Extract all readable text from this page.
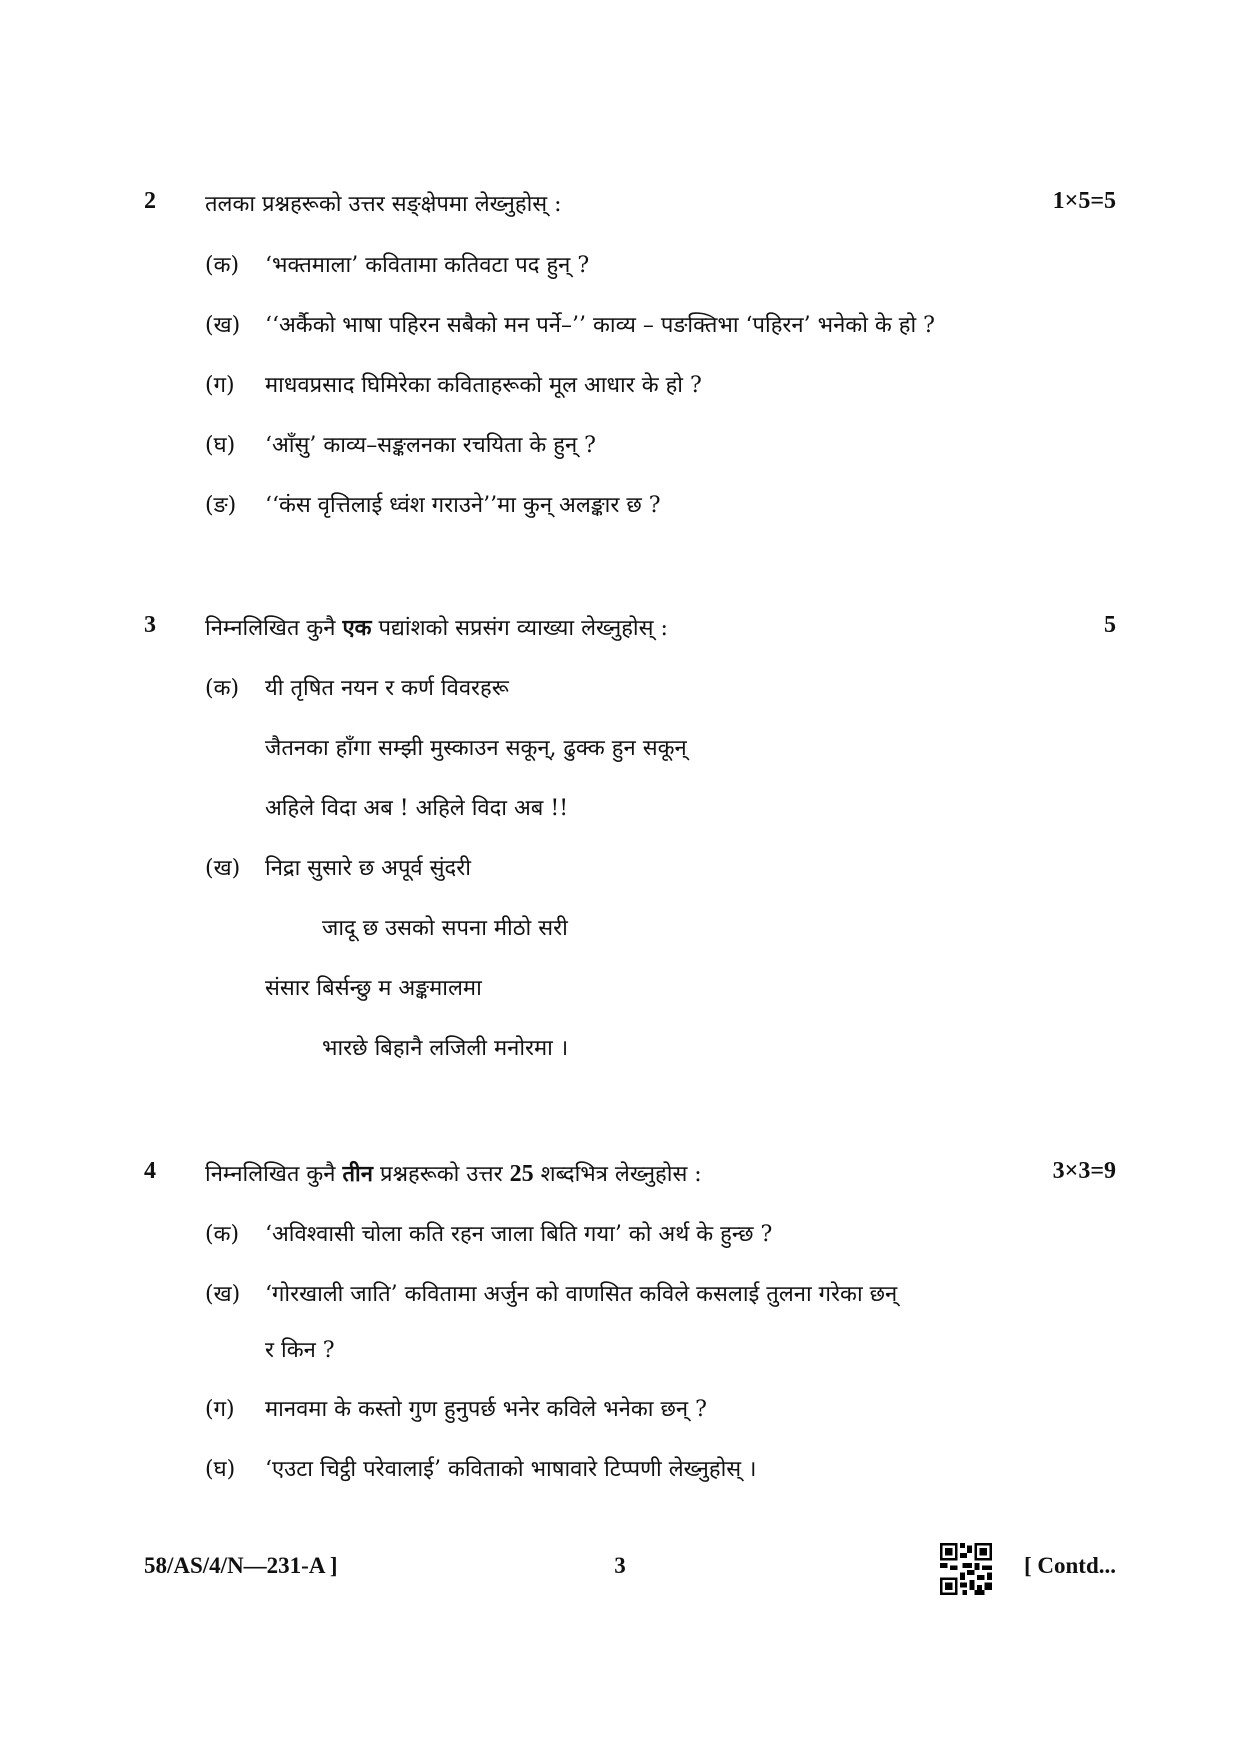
2 तलका प्रश्नहरूको उत्तर सङ्क्षेपमा लेख्नुहोस् :	1×5=5
(क) ‘भक्तमाला’ कवितामा कतिवटा पद हुन् ?
(ख) ‘‘अर्कैको भाषा पहिरन सबैको मन पर्ने–’’ काव्य – पङक्तिभा ‘पहिरन’ भनेको के हो ?
(ग) माधवप्रसाद घिमिरेका कविताहरूको मूल आधार के हो ?
(घ) ‘आँसु’ काव्य–सङ्कलनका रचयिता के हुन् ?
(ङ) ‘‘कंस वृत्तिलाई ध्वंश गराउने’’मा कुन् अलङ्कार छ ?
3 निम्नलिखित कुनै एक पद्यांशको सप्रसंग व्याख्या लेख्नुहोस् :	5
(क) यी तृषित नयन र कर्ण विवरहरू
जैतनका हाँगा सम्झी मुस्काउन सकून्, ढुक्क हुन सकून्
अहिले विदा अब ! अहिले विदा अब !!
(ख) निद्रा सुसारे छ अपूर्व सुंदरी
जादू छ उसको सपना मीठो सरी
संसार बिर्सन्छु म अङ्कमालमा
भारछे बिहानै लजिली मनोरमा ।
4 निम्नलिखित कुनै तीन प्रश्नहरूको उत्तर 25 शब्दभित्र लेख्नुहोस :	3×3=9
(क) ‘अविश्वासी चोला कति रहन जाला बिति गया’ को अर्थ के हुन्छ ?
(ख) ‘गोरखाली जाति’ कवितामा अर्जुन को वाणसित कविले कसलाई तुलना गरेका छन्
र किन ?
(ग) मानवमा के कस्तो गुण हुनुपर्छ भनेर कविले भनेका छन् ?
(घ) ‘एउटा चिट्ठी परेवालाई’ कविताको भाषावारे टिप्पणी लेख्नुहोस् ।
58/AS/4/N—231-A ]	3	[ Contd...
